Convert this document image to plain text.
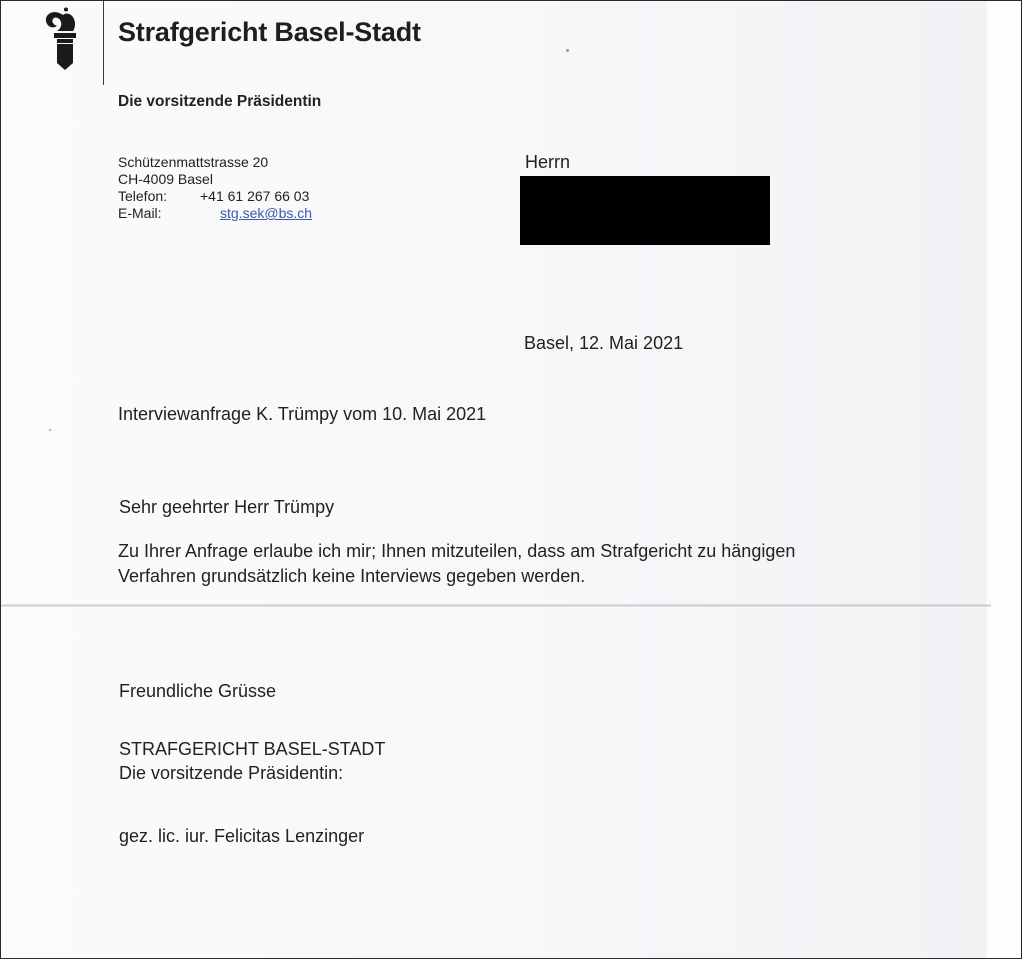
Strafgericht Basel-Stadt
Die vorsitzende Präsidentin
Schützenmattstrasse 20
CH-4009 Basel
Telefon: +41 61 267 66 03
E-Mail:	stg.sek@bs.ch
Herrn
Basel, 12. Mai 2021
Interviewanfrage K. Trümpy vom 10. Mai 2021
Sehr geehrter Herr Trümpy
Zu Ihrer Anfrage erlaube ich mir; Ihnen mitzuteilen, dass am Strafgericht zu hängigen
Verfahren grundsätzlich keine Interviews gegeben werden.
Freundliche Grüsse
STRAFGERICHT BASEL-STADT
Die vorsitzende Präsidentin:
gez. lic. iur. Felicitas Lenzinger
